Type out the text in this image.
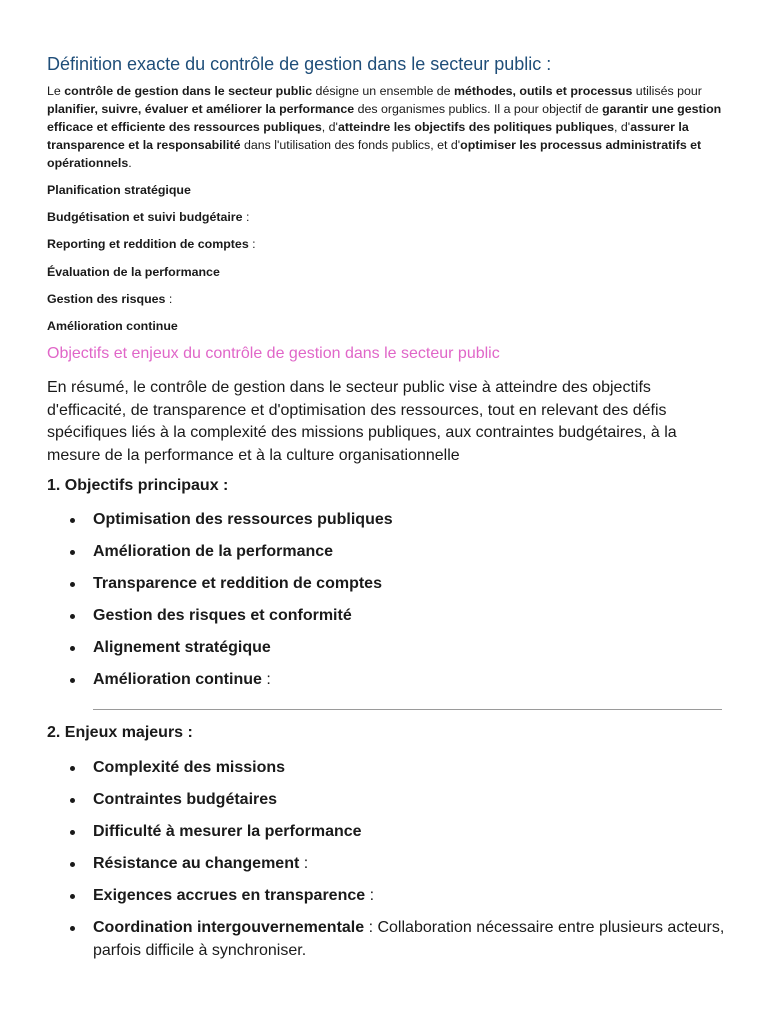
Définition exacte du contrôle de gestion dans le secteur public :

Le contrôle de gestion dans le secteur public désigne un ensemble de méthodes, outils et processus utilisés pour planifier, suivre, évaluer et améliorer la performance des organismes publics. Il a pour objectif de garantir une gestion efficace et efficiente des ressources publiques, d'atteindre les objectifs des politiques publiques, d'assurer la transparence et la responsabilité dans l'utilisation des fonds publics, et d'optimiser les processus administratifs et opérationnels.

Planification stratégique

Budgétisation et suivi budgétaire :

Reporting et reddition de comptes :

Évaluation de la performance

Gestion des risques :

Amélioration continue

Objectifs et enjeux du contrôle de gestion dans le secteur public

En résumé, le contrôle de gestion dans le secteur public vise à atteindre des objectifs d'efficacité, de transparence et d'optimisation des ressources, tout en relevant des défis spécifiques liés à la complexité des missions publiques, aux contraintes budgétaires, à la mesure de la performance et à la culture organisationnelle

1. Objectifs principaux :
Optimisation des ressources publiques
Amélioration de la performance
Transparence et reddition de comptes
Gestion des risques et conformité
Alignement stratégique
Amélioration continue :
2. Enjeux majeurs :
Complexité des missions
Contraintes budgétaires
Difficulté à mesurer la performance
Résistance au changement :
Exigences accrues en transparence :

Coordination intergouvernementale : Collaboration nécessaire entre plusieurs acteurs, parfois difficile à synchroniser.
